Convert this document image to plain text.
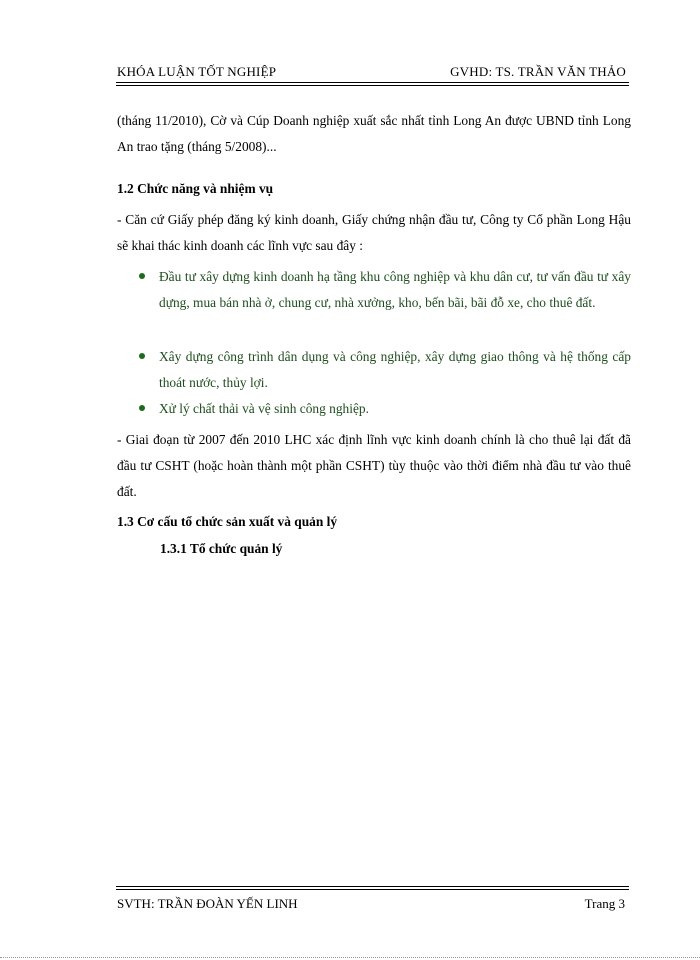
KHÓA LUẬN TỐT NGHIỆP	GVHD: TS. TRẦN VĂN THẢO
(tháng 11/2010), Cờ và Cúp Doanh nghiệp xuất sắc nhất tỉnh Long An được UBND tỉnh Long An trao tặng (tháng 5/2008)...
1.2 Chức năng và nhiệm vụ
- Căn cứ Giấy phép đăng ký kinh doanh, Giấy chứng nhận đầu tư, Công ty Cổ phần Long Hậu sẽ khai thác kinh doanh các lĩnh vực sau đây :
Đầu tư xây dựng kinh doanh hạ tầng khu công nghiệp và khu dân cư, tư vấn đầu tư xây dựng, mua bán nhà ở, chung cư, nhà xưởng, kho, bến bãi, bãi đỗ xe, cho thuê đất.
Xây dựng công trình dân dụng và công nghiệp, xây dựng giao thông và hệ thống cấp thoát nước, thủy lợi.
Xử lý chất thải và vệ sinh công nghiệp.
- Giai đoạn từ 2007 đến 2010 LHC xác định lĩnh vực kinh doanh chính là cho thuê lại đất đã đầu tư CSHT (hoặc hoàn thành một phần CSHT) tùy thuộc vào thời điểm nhà đầu tư vào thuê đất.
1.3 Cơ cấu tổ chức sản xuất và quản lý
1.3.1 Tổ chức quản lý
SVTH: TRẦN ĐOÀN YẾN LINH	Trang 3
